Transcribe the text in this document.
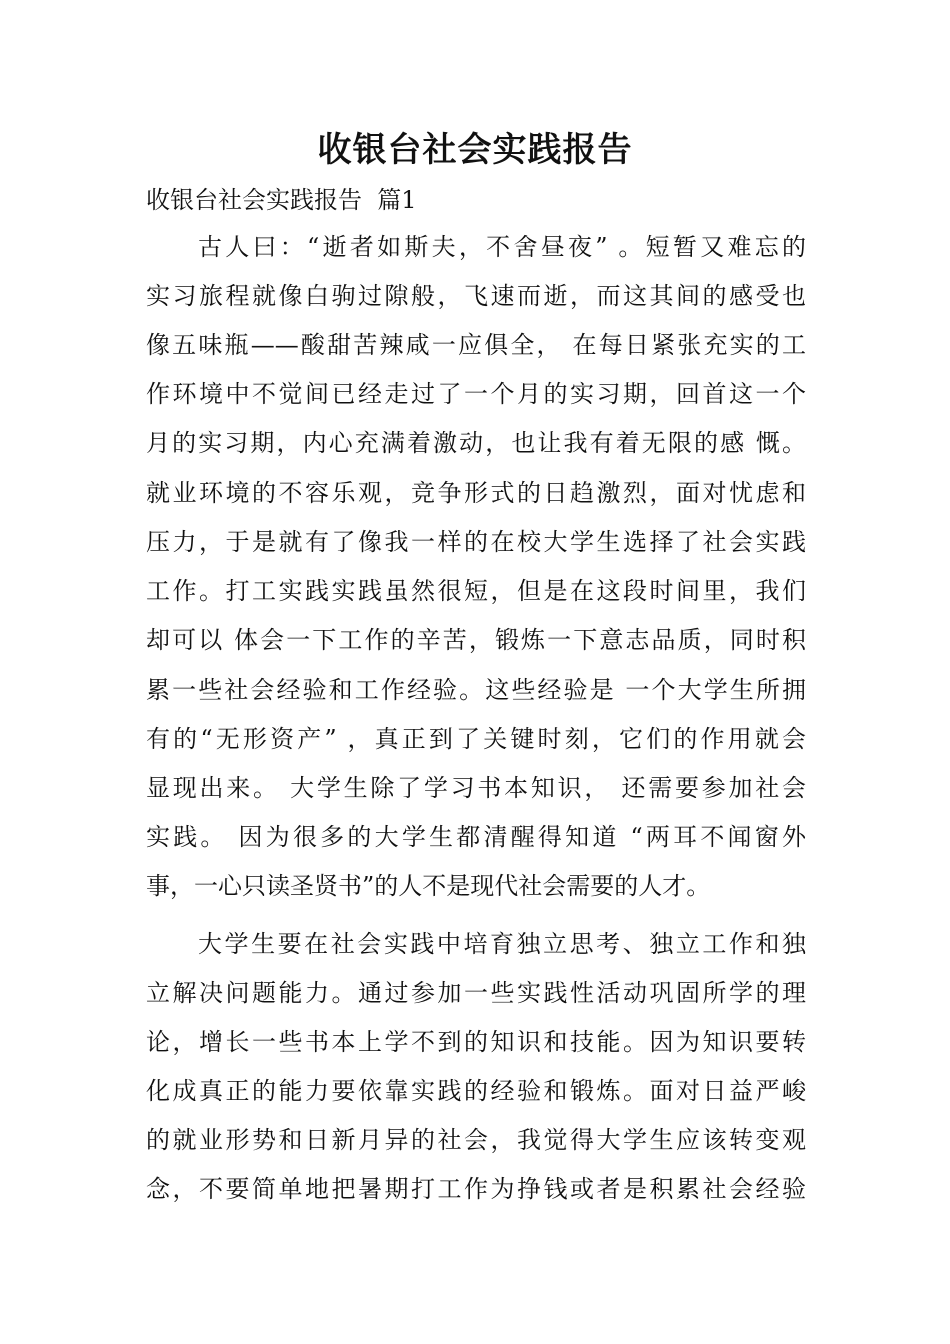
收银台社会实践报告
收银台社会实践报告  篇1

古人曰：“逝者如斯夫，不舍昼夜” 。短暂又难忘的

实习旅程就像白驹过隙般，飞速而逝，而这其间的感受也

像五味瓶——酸甜苦辣咸一应俱全， 在每日紧张充实的工

作环境中不觉间已经走过了一个月的实习期，回首这一个

月的实习期，内心充满着激动，也让我有着无限的感 慨。

就业环境的不容乐观，竞争形式的日趋激烈，面对忧虑和

压力，于是就有了像我一样的在校大学生选择了社会实践

工作。打工实践实践虽然很短，但是在这段时间里，我们

却可以 体会一下工作的辛苦，锻炼一下意志品质，同时积

累一些社会经验和工作经验。这些经验是 一个大学生所拥

有的“无形资产” ，真正到了关键时刻，它们的作用就会

显现出来。 大学生除了学习书本知识， 还需要参加社会

实践。 因为很多的大学生都清醒得知道 “两耳不闻窗外

事，一心只读圣贤书”的人不是现代社会需要的人才。

大学生要在社会实践中培育独立思考、独立工作和独

立解决问题能力。通过参加一些实践性活动巩固所学的理

论，增长一些书本上学不到的知识和技能。因为知识要转

化成真正的能力要依靠实践的经验和锻炼。面对日益严峻

的就业形势和日新月异的社会，我觉得大学生应该转变观

念，不要简单地把暑期打工作为挣钱或者是积累社会经验
